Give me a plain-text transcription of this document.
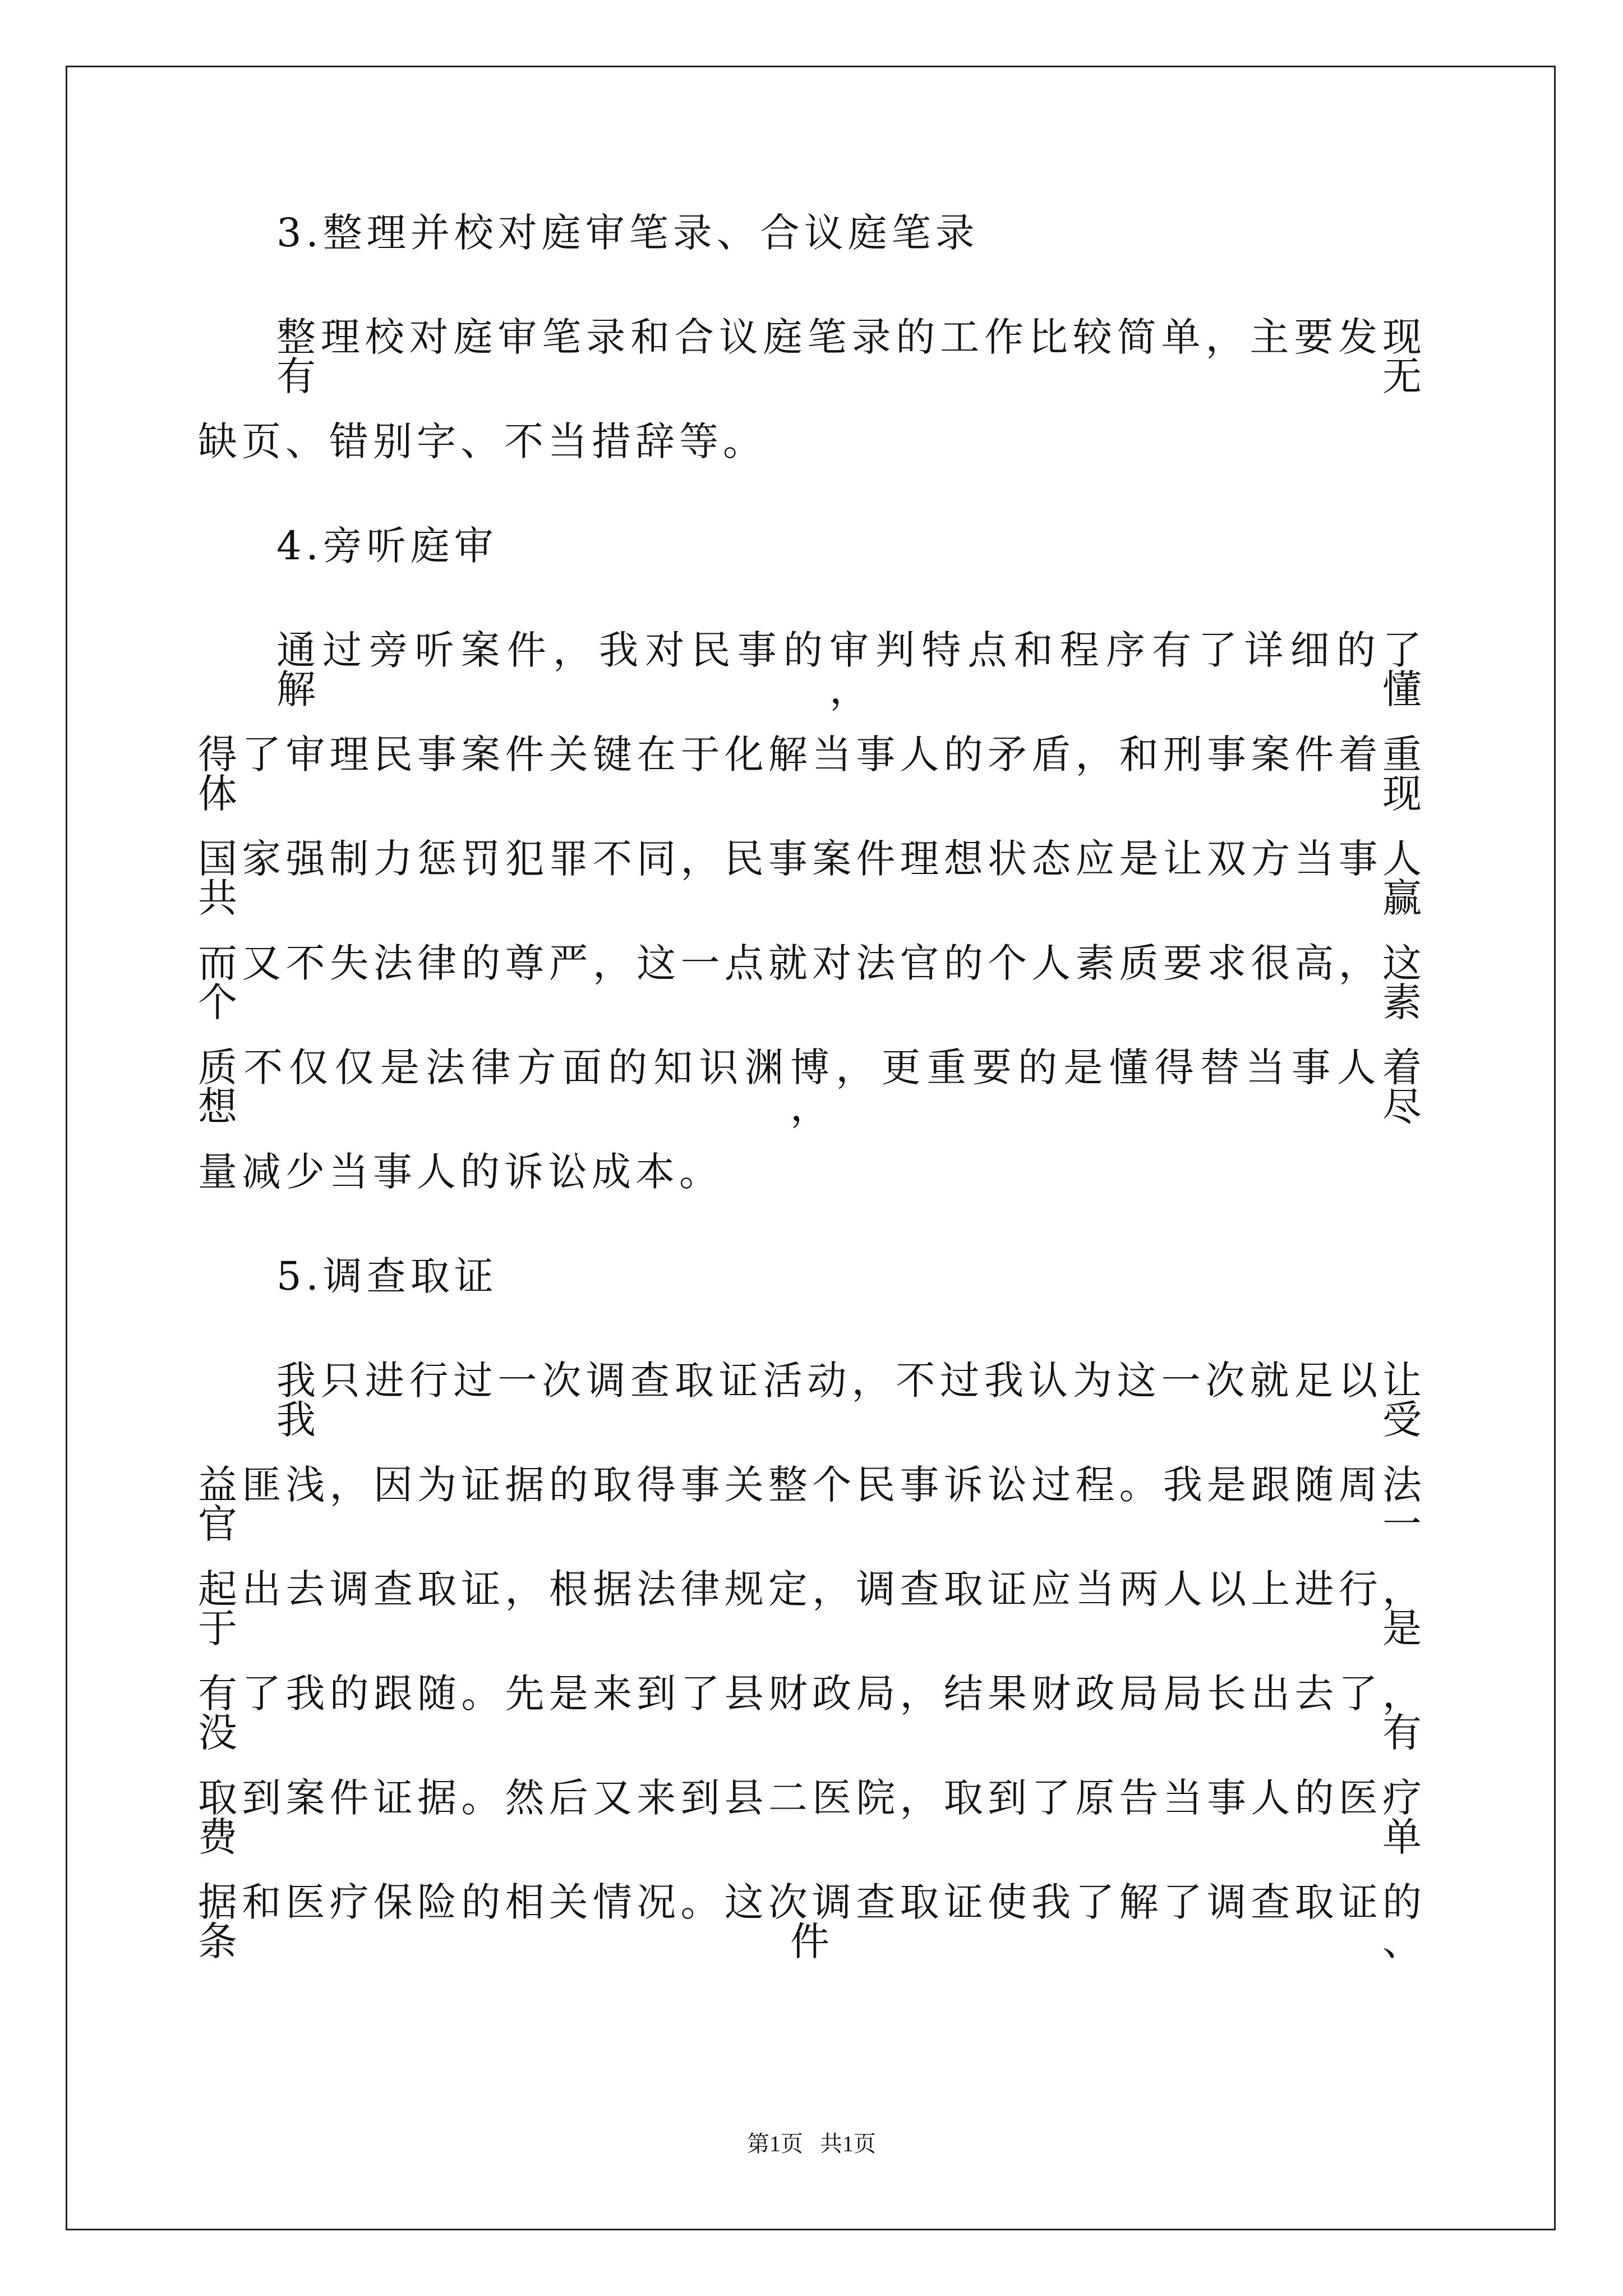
3.整理并校对庭审笔录、合议庭笔录
整理校对庭审笔录和合议庭笔录的工作比较简单，主要发现有无
缺页、错别字、不当措辞等。
4.旁听庭审
通过旁听案件，我对民事的审判特点和程序有了详细的了解，懂
得了审理民事案件关键在于化解当事人的矛盾，和刑事案件着重体现
国家强制力惩罚犯罪不同，民事案件理想状态应是让双方当事人共赢
而又不失法律的尊严，这一点就对法官的个人素质要求很高，这个素
质不仅仅是法律方面的知识渊博，更重要的是懂得替当事人着想，尽
量减少当事人的诉讼成本。
5.调查取证
我只进行过一次调查取证活动，不过我认为这一次就足以让我受
益匪浅，因为证据的取得事关整个民事诉讼过程。我是跟随周法官一
起出去调查取证，根据法律规定，调查取证应当两人以上进行，于是
有了我的跟随。先是来到了县财政局，结果财政局局长出去了，没有
取到案件证据。然后又来到县二医院，取到了原告当事人的医疗费单
据和医疗保险的相关情况。这次调查取证使我了解了调查取证的条件、
第1页   共1页
